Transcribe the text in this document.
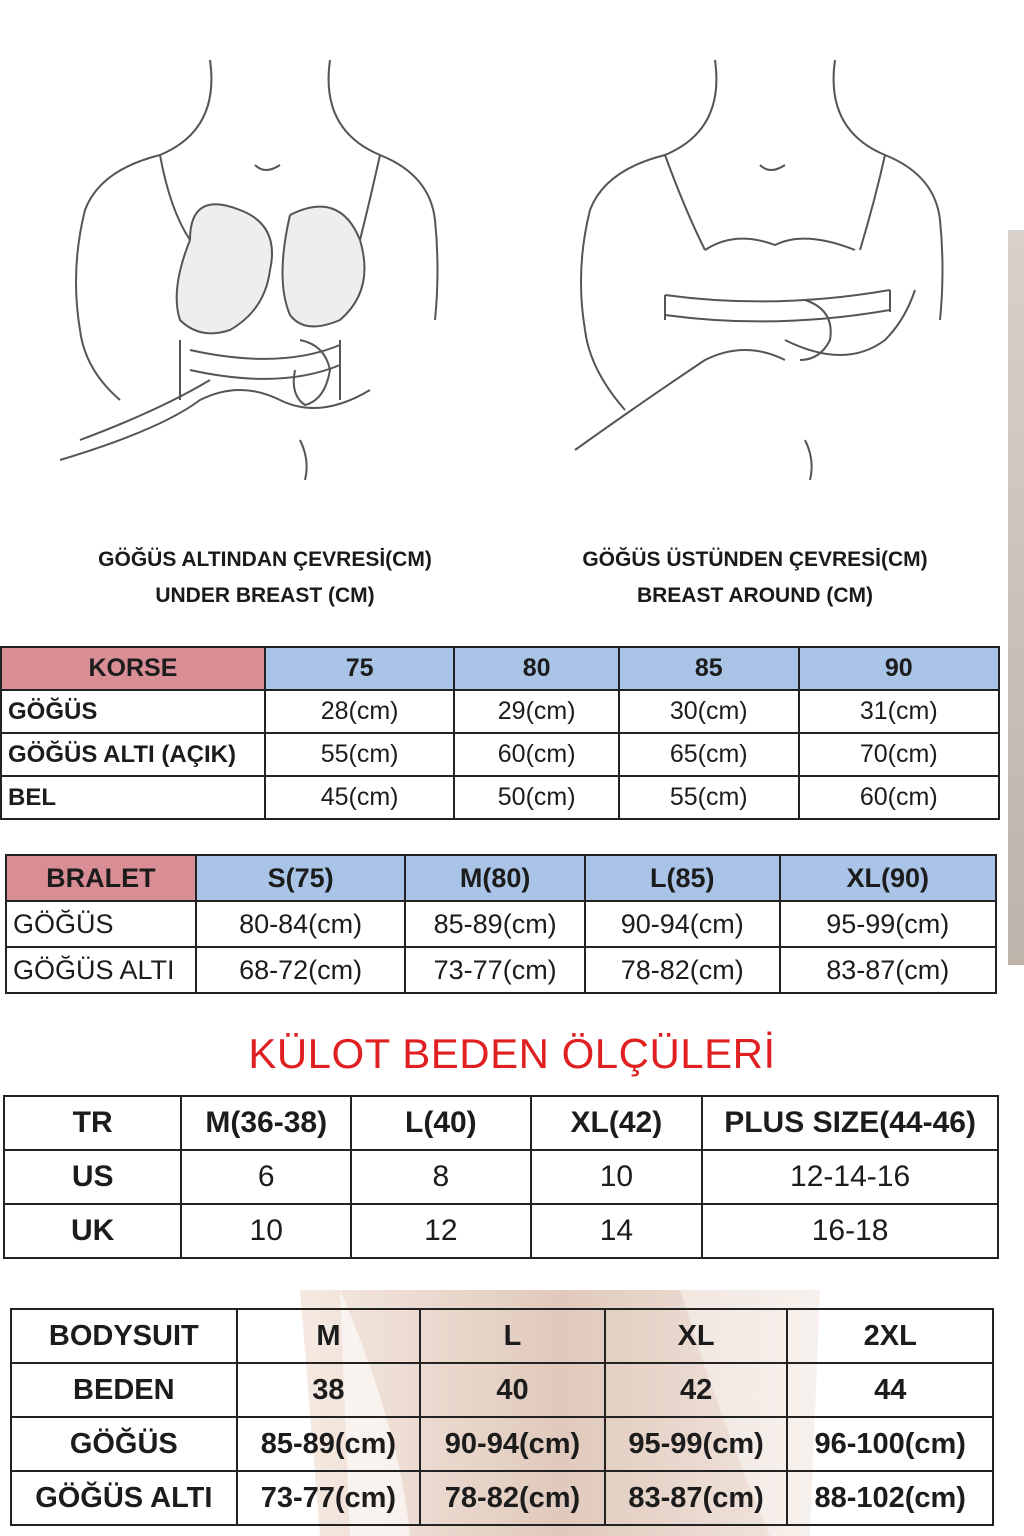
GÖĞÜS ALTINDAN ÇEVRESİ(CM)
UNDER BREAST (CM)
GÖĞÜS ÜSTÜNDEN ÇEVRESİ(CM)
BREAST AROUND (CM)
KORSE	75	80	85	90
GÖĞÜS	28(cm)	29(cm)	30(cm)	31(cm)
GÖĞÜS ALTI (AÇIK)	55(cm)	60(cm)	65(cm)	70(cm)
BEL	45(cm)	50(cm)	55(cm)	60(cm)
BRALET	S(75)	M(80)	L(85)	XL(90)
GÖĞÜS	80-84(cm)	85-89(cm)	90-94(cm)	95-99(cm)
GÖĞÜS ALTI	68-72(cm)	73-77(cm)	78-82(cm)	83-87(cm)
KÜLOT BEDEN ÖLÇÜLERİ
TR	M(36-38)	L(40)	XL(42)	PLUS SIZE(44-46)
US	6	8	10	12-14-16
UK	10	12	14	16-18
BODYSUIT	M	L	XL	2XL
BEDEN	38	40	42	44
GÖĞÜS	85-89(cm)	90-94(cm)	95-99(cm)	96-100(cm)
GÖĞÜS ALTI	73-77(cm)	78-82(cm)	83-87(cm)	88-102(cm)
